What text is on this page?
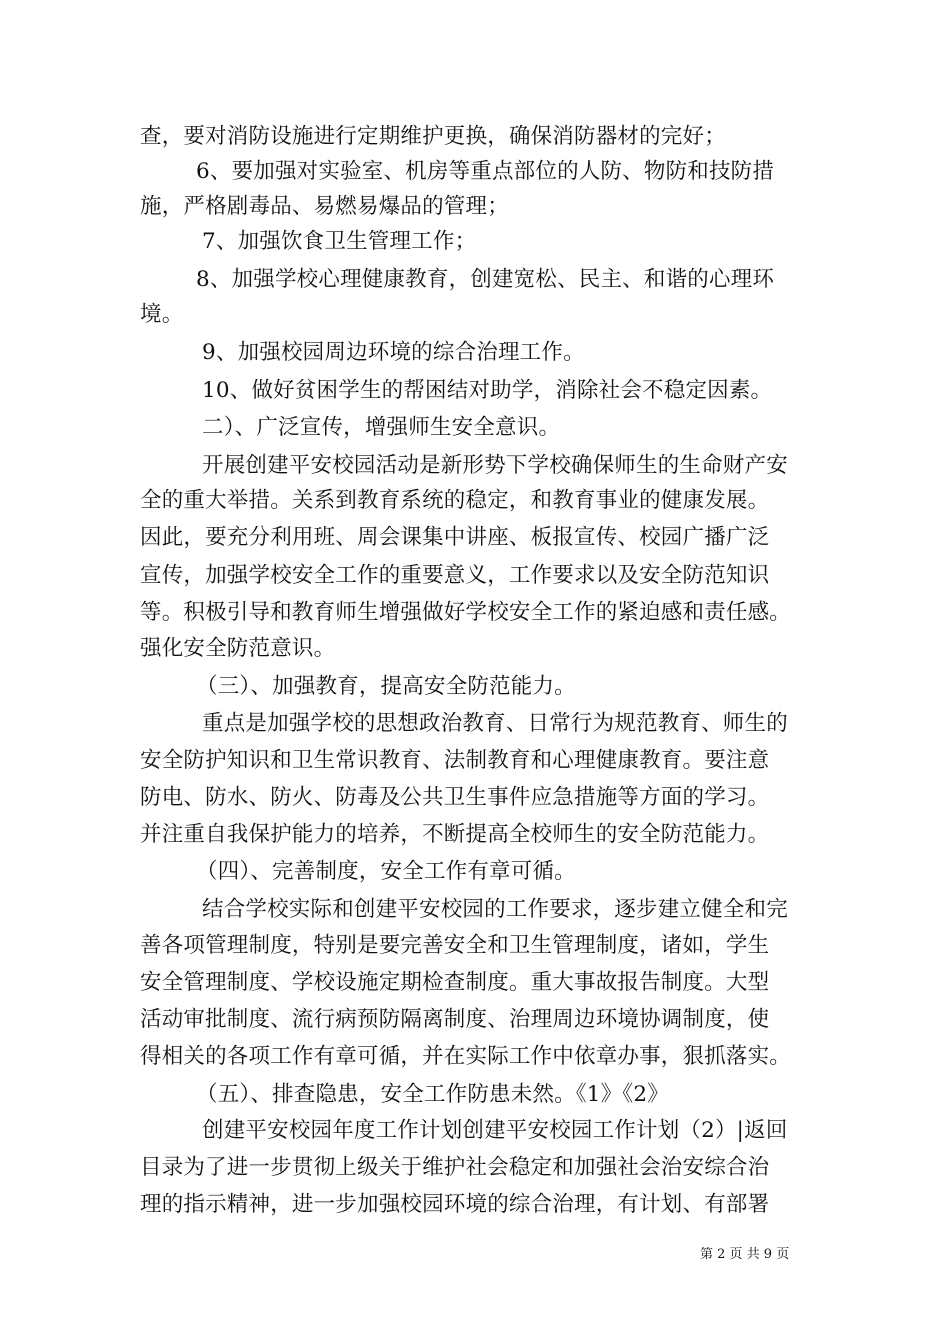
查，要对消防设施进行定期维护更换，确保消防器材的完好；
6、要加强对实验室、机房等重点部位的人防、物防和技防措
施，严格剧毒品、易燃易爆品的管理；
7、加强饮食卫生管理工作；
8、加强学校心理健康教育，创建宽松、民主、和谐的心理环
境。
9、加强校园周边环境的综合治理工作。
10、做好贫困学生的帮困结对助学，消除社会不稳定因素。
二）、广泛宣传，增强师生安全意识。
开展创建平安校园活动是新形势下学校确保师生的生命财产安
全的重大举措。关系到教育系统的稳定，和教育事业的健康发展。
因此，要充分利用班、周会课集中讲座、板报宣传、校园广播广泛
宣传，加强学校安全工作的重要意义，工作要求以及安全防范知识
等。积极引导和教育师生增强做好学校安全工作的紧迫感和责任感。
强化安全防范意识。
（三）、加强教育，提高安全防范能力。
重点是加强学校的思想政治教育、日常行为规范教育、师生的
安全防护知识和卫生常识教育、法制教育和心理健康教育。要注意
防电、防水、防火、防毒及公共卫生事件应急措施等方面的学习。
并注重自我保护能力的培养，不断提高全校师生的安全防范能力。
（四）、完善制度，安全工作有章可循。
结合学校实际和创建平安校园的工作要求，逐步建立健全和完
善各项管理制度，特别是要完善安全和卫生管理制度，诸如，学生
安全管理制度、学校设施定期检查制度。重大事故报告制度。大型
活动审批制度、流行病预防隔离制度、治理周边环境协调制度，使
得相关的各项工作有章可循，并在实际工作中依章办事，狠抓落实。
（五）、排查隐患，安全工作防患未然。《1》《2》
创建平安校园年度工作计划创建平安校园工作计划（2）|返回
目录为了进一步贯彻上级关于维护社会稳定和加强社会治安综合治
理的指示精神，进一步加强校园环境的综合治理，有计划、有部署
第 2 页 共 9 页
